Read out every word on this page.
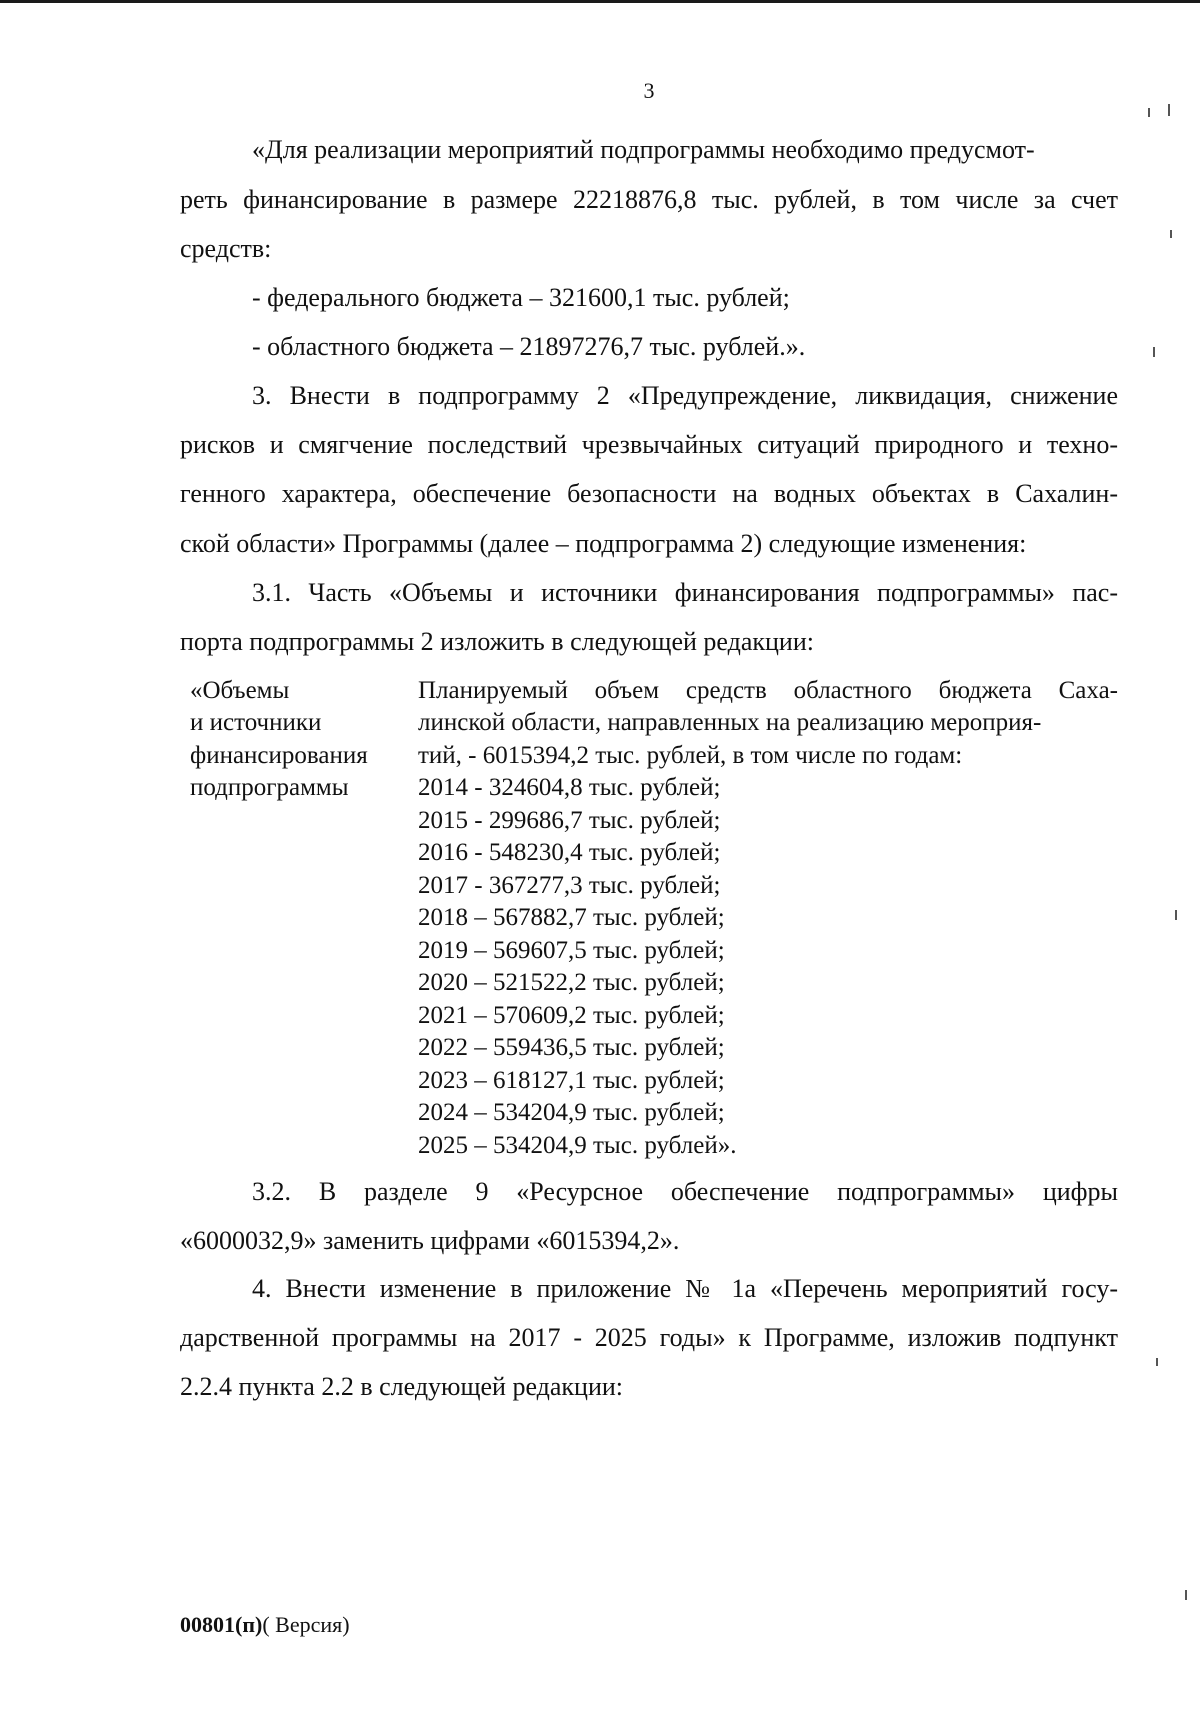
3
«Для реализации мероприятий подпрограммы необходимо предусмот-
реть финансирование в размере 22218876,8 тыс. рублей, в том числе за счет
средств:
- федерального бюджета – 321600,1 тыс. рублей;
- областного бюджета – 21897276,7 тыс. рублей.».
3. Внести в подпрограмму 2 «Предупреждение, ликвидация, снижение
рисков и смягчение последствий чрезвычайных ситуаций природного и техно-
генного характера, обеспечение безопасности на водных объектах в Сахалин-
ской области» Программы (далее – подпрограмма 2) следующие изменения:
3.1. Часть «Объемы и источники финансирования подпрограммы» пас-
порта подпрограммы 2 изложить в следующей редакции:
«Объемы
и источники
финансирования
подпрограммы
Планируемый объем средств областного бюджета Саха-
линской области, направленных на реализацию мероприя-
тий, - 6015394,2 тыс. рублей, в том числе по годам:
2014 - 324604,8 тыс. рублей;
2015 - 299686,7 тыс. рублей;
2016 - 548230,4 тыс. рублей;
2017 - 367277,3 тыс. рублей;
2018 – 567882,7 тыс. рублей;
2019 – 569607,5 тыс. рублей;
2020 – 521522,2 тыс. рублей;
2021 – 570609,2 тыс. рублей;
2022 – 559436,5 тыс. рублей;
2023 – 618127,1 тыс. рублей;
2024 – 534204,9 тыс. рублей;
2025 – 534204,9 тыс. рублей».
3.2. В разделе 9 «Ресурсное обеспечение подпрограммы» цифры
«6000032,9» заменить цифрами «6015394,2».
4. Внести изменение в приложение № 1а «Перечень мероприятий госу-
дарственной программы на 2017 - 2025 годы» к Программе, изложив подпункт
2.2.4 пункта 2.2 в следующей редакции:
00801(п)( Версия)
